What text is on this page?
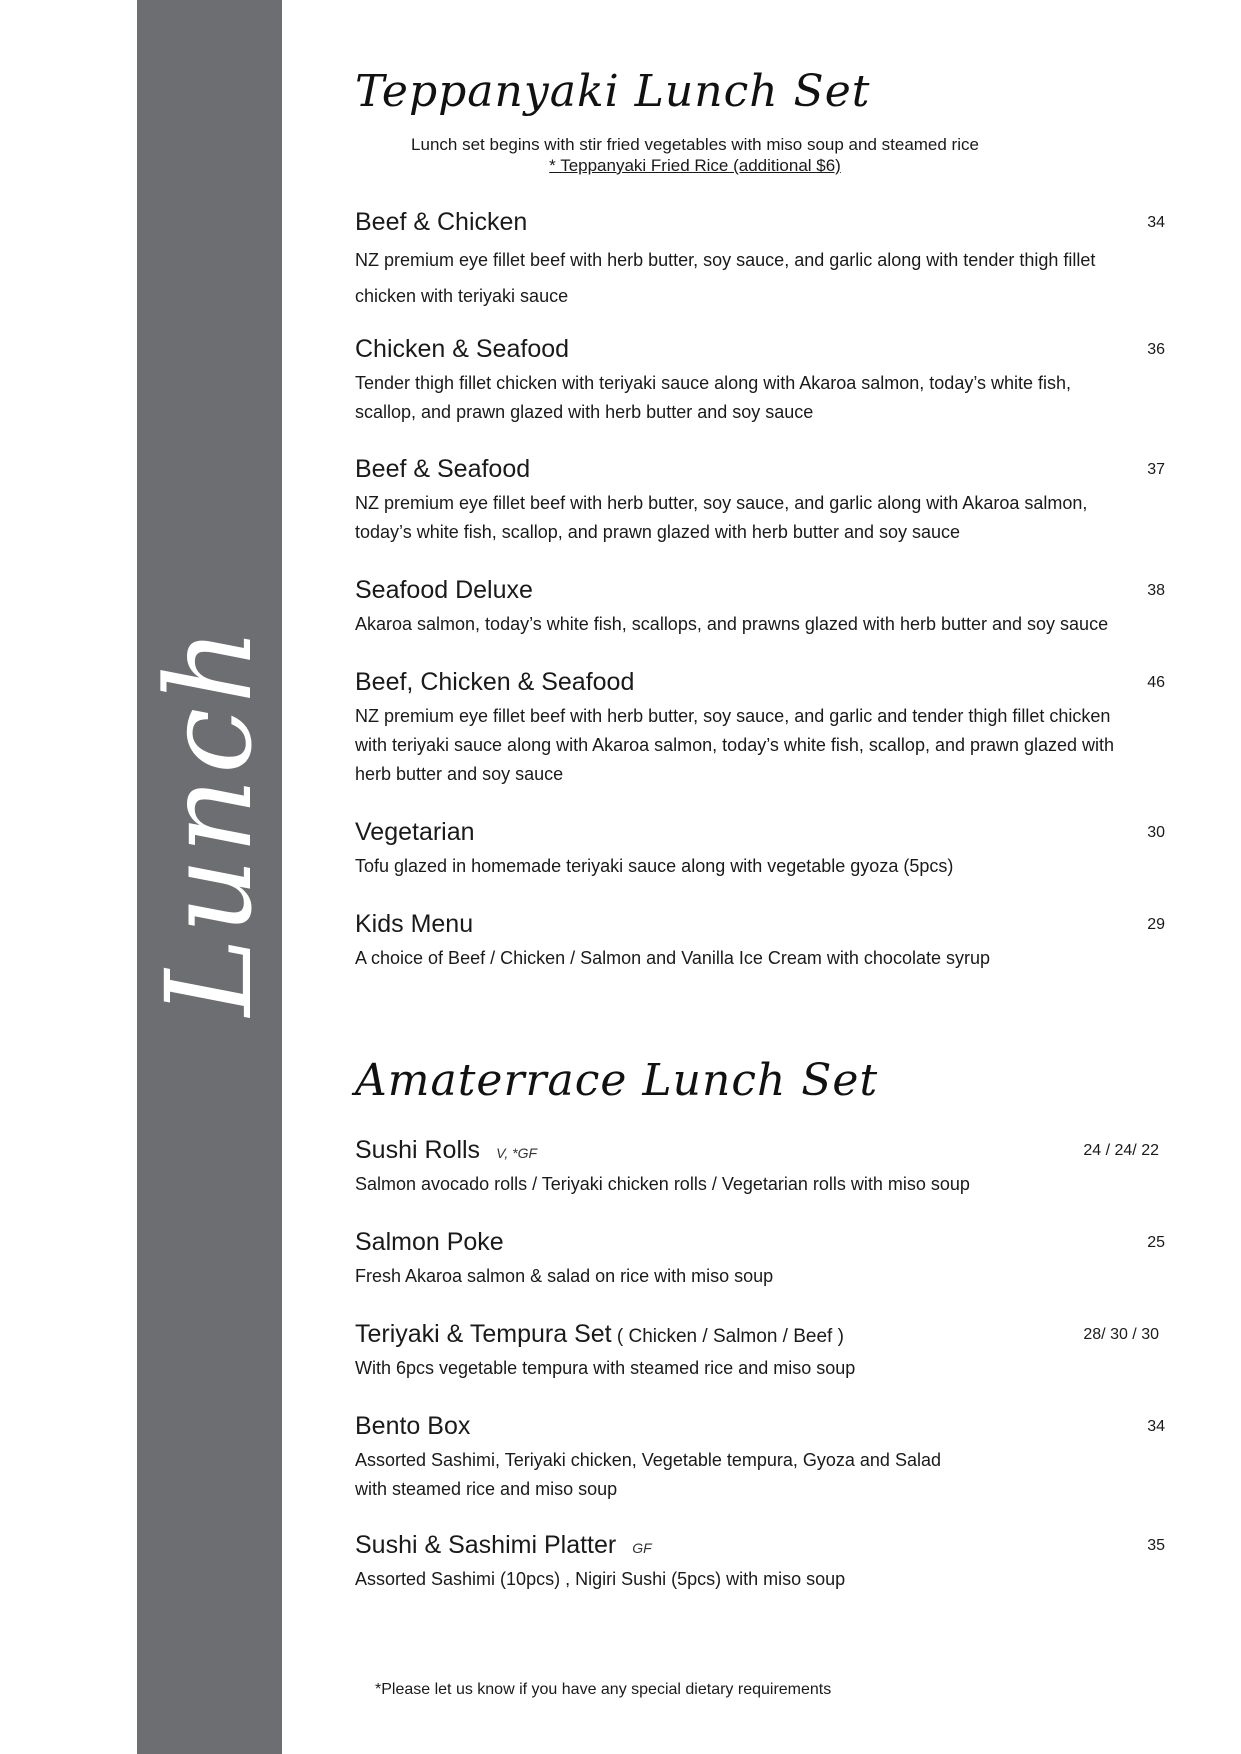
Lunch
Teppanyaki Lunch Set
Lunch set begins with stir fried vegetables with miso soup and steamed rice
* Teppanyaki Fried Rice (additional $6)
Beef & Chicken	34
NZ premium eye fillet beef with herb butter, soy sauce, and garlic along with tender thigh fillet chicken with teriyaki sauce
Chicken & Seafood	36
Tender thigh fillet chicken with teriyaki sauce along with Akaroa salmon, today’s white fish, scallop, and prawn glazed with herb butter and soy sauce
Beef & Seafood	37
NZ premium eye fillet beef with herb butter, soy sauce, and garlic along with Akaroa salmon, today’s white fish, scallop, and prawn glazed with herb butter and soy sauce
Seafood Deluxe	38
Akaroa salmon, today’s white fish, scallops, and prawns glazed with herb butter and soy sauce
Beef, Chicken & Seafood	46
NZ premium eye fillet beef with herb butter, soy sauce, and garlic and tender thigh fillet chicken with teriyaki sauce along with Akaroa salmon, today’s white fish, scallop, and prawn glazed with herb butter and soy sauce
Vegetarian	30
Tofu glazed in homemade teriyaki sauce along with vegetable gyoza (5pcs)
Kids Menu	29
A choice of Beef / Chicken / Salmon and Vanilla Ice Cream with chocolate syrup
Amaterrace Lunch Set
Sushi Rolls V, *GF	24 / 24/ 22
Salmon avocado rolls / Teriyaki chicken rolls / Vegetarian rolls with miso soup
Salmon Poke	25
Fresh Akaroa salmon & salad on rice with miso soup
Teriyaki & Tempura Set ( Chicken / Salmon / Beef )	28/ 30 / 30
With 6pcs vegetable tempura with steamed rice and miso soup
Bento Box	34
Assorted Sashimi, Teriyaki chicken, Vegetable tempura, Gyoza and Salad with steamed rice and miso soup
Sushi & Sashimi Platter GF	35
Assorted Sashimi (10pcs) , Nigiri Sushi (5pcs) with miso soup
*Please let us know if you have any special dietary requirements
